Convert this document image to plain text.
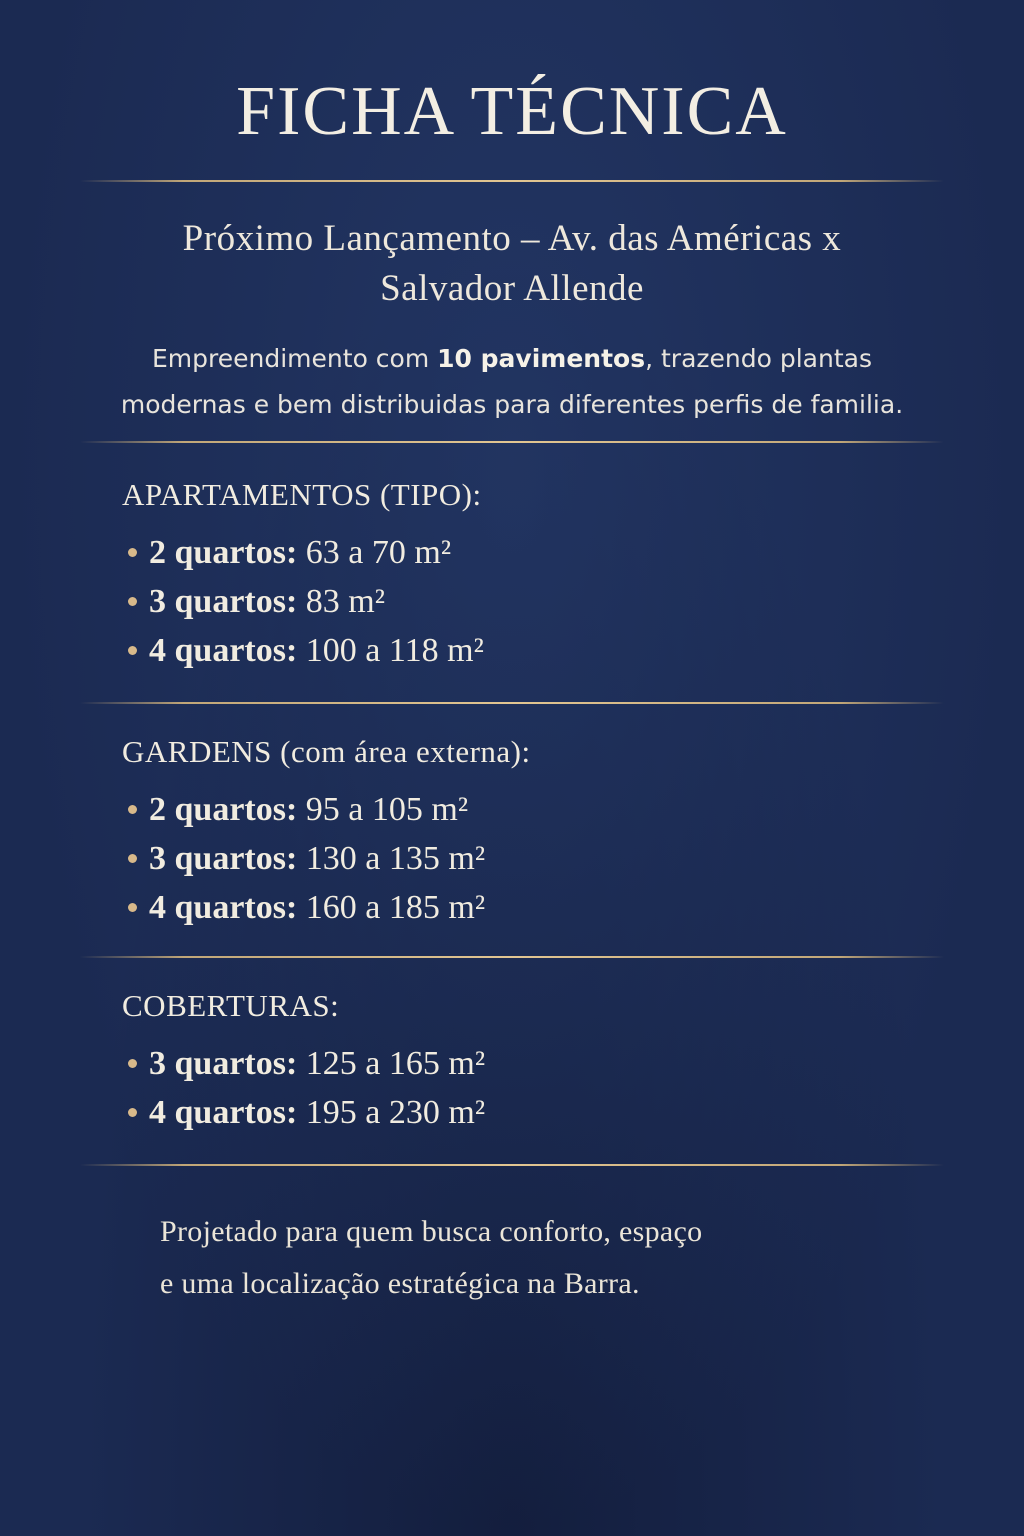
FICHA TÉCNICA
Próximo Lançamento – Av. das Américas x
Salvador Allende

Empreendimento com 10 pavimentos, trazendo plantas
modernas e bem distribuidas para diferentes perfis de familia.

APARTAMENTOS (TIPO):
2 quartos: 63 a 70 m²
3 quartos: 83 m²
4 quartos: 100 a 118 m²
GARDENS (com área externa):
2 quartos: 95 a 105 m²
3 quartos: 130 a 135 m²
4 quartos: 160 a 185 m²
COBERTURAS:
3 quartos: 125 a 165 m²
4 quartos: 195 a 230 m²

Projetado para quem busca conforto, espaço
e uma localização estratégica na Barra.
